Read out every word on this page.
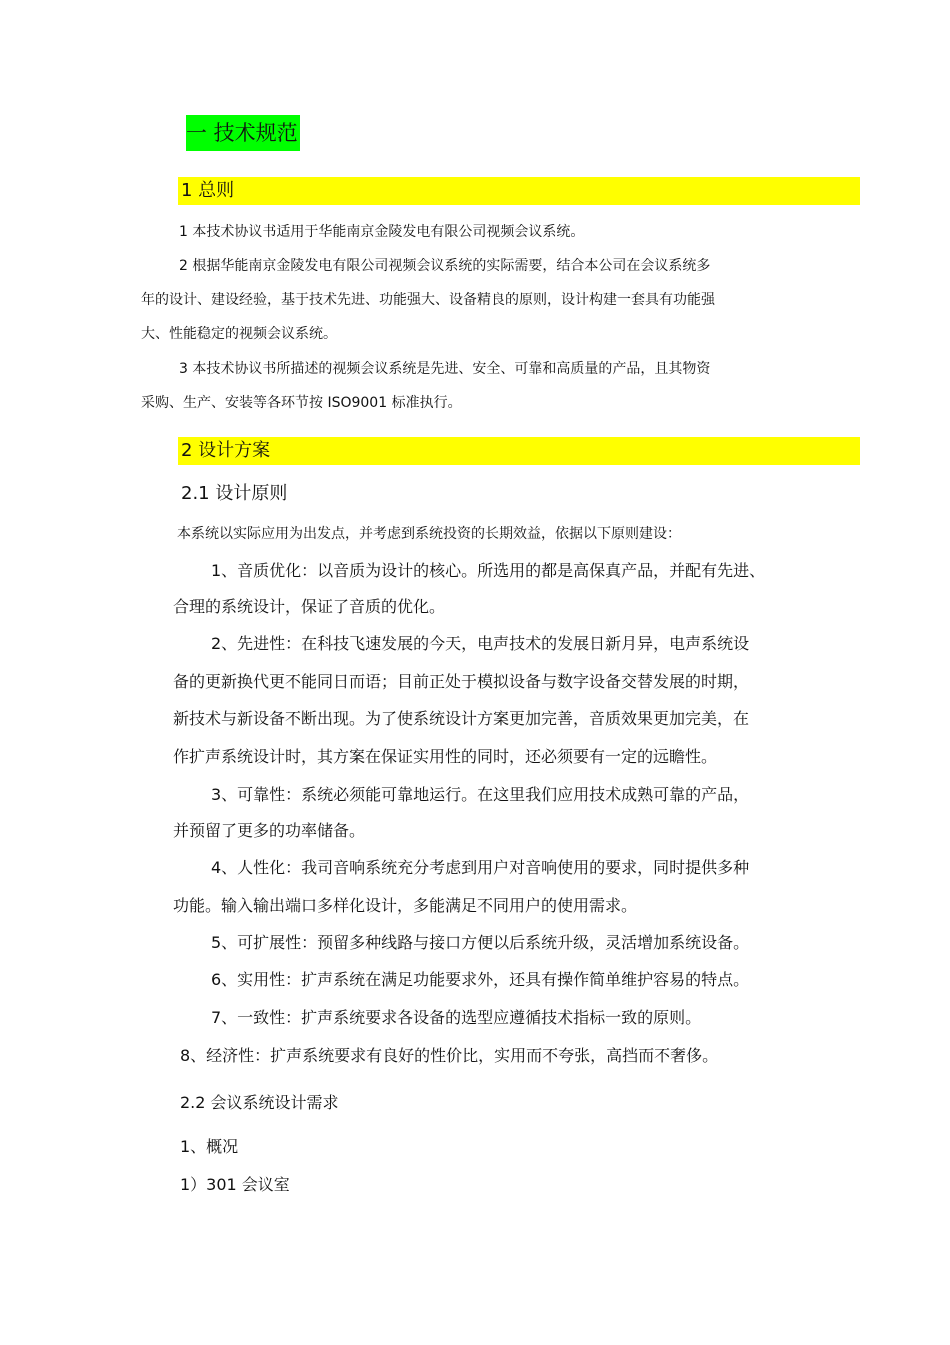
一 技术规范
1 总则
1 本技术协议书适用于华能南京金陵发电有限公司视频会议系统。
2 根据华能南京金陵发电有限公司视频会议系统的实际需要，结合本公司在会议系统多
年的设计、建设经验，基于技术先进、功能强大、设备精良的原则，设计构建一套具有功能强
大、性能稳定的视频会议系统。
3 本技术协议书所描述的视频会议系统是先进、安全、可靠和高质量的产品，且其物资
采购、生产、安装等各环节按 ISO9001 标准执行。
2 设计方案
2.1 设计原则
本系统以实际应用为出发点，并考虑到系统投资的长期效益，依据以下原则建设：
1、音质优化：以音质为设计的核心。所选用的都是高保真产品，并配有先进、
合理的系统设计，保证了音质的优化。
2、先进性：在科技飞速发展的今天，电声技术的发展日新月异，电声系统设
备的更新换代更不能同日而语；目前正处于模拟设备与数字设备交替发展的时期，
新技术与新设备不断出现。为了使系统设计方案更加完善，音质效果更加完美，在
作扩声系统设计时，其方案在保证实用性的同时，还必须要有一定的远瞻性。
3、可靠性：系统必须能可靠地运行。在这里我们应用技术成熟可靠的产品，
并预留了更多的功率储备。
4、人性化：我司音响系统充分考虑到用户对音响使用的要求，同时提供多种
功能。输入输出端口多样化设计，多能满足不同用户的使用需求。
5、可扩展性：预留多种线路与接口方便以后系统升级，灵活增加系统设备。
6、实用性：扩声系统在满足功能要求外，还具有操作简单维护容易的特点。
7、一致性：扩声系统要求各设备的选型应遵循技术指标一致的原则。
8、经济性：扩声系统要求有良好的性价比，实用而不夸张，高挡而不奢侈。
2.2 会议系统设计需求
1、概况
1）301 会议室
